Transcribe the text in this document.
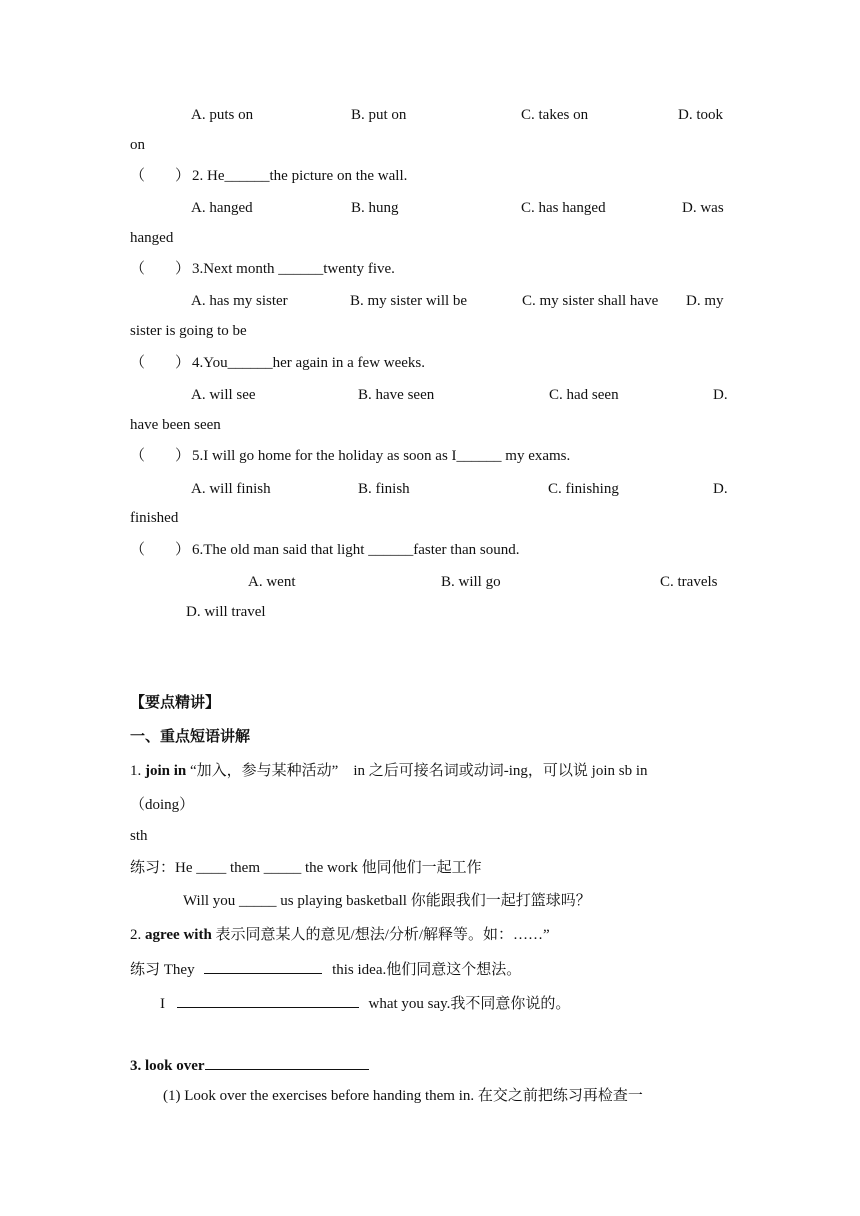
A. puts on	B. put on	C. takes on	D. took
on
（　　） 2. He______the picture on the wall.
A. hanged	B. hung	C. has hanged	D. was
hanged
（　　） 3.Next month ______twenty five.
A. has my sister	B. my sister will be	C. my sister shall have D. my
sister is going to be
（　　） 4.You______her again in a few weeks.
A. will see	B. have seen	C. had seen	D.
have been seen
（　　） 5.I will go home for the holiday as soon as I______ my exams.
A. will finish	B. finish	C. finishing	D.
finished
（　　） 6.The old man said that light ______faster than sound.
A. went	B. will go	C. travels
D. will travel
【要点精讲】
一、重点短语讲解
1. join in “加入，参与某种活动”　in 之后可接名词或动词-ing，可以说 join sb in
（doing）
sth
练习：He ____ them _____ the work 他同他们一起工作
Will you _____ us playing basketball 你能跟我们一起打篮球吗？
2. agree with 表示同意某人的意见/想法/分析/解释等。如：……”
练习 They	this idea.他们同意这个想法。
I	what you say.我不同意你说的。
3. look over
(1) Look over the exercises before handing them in. 在交之前把练习再检查一
